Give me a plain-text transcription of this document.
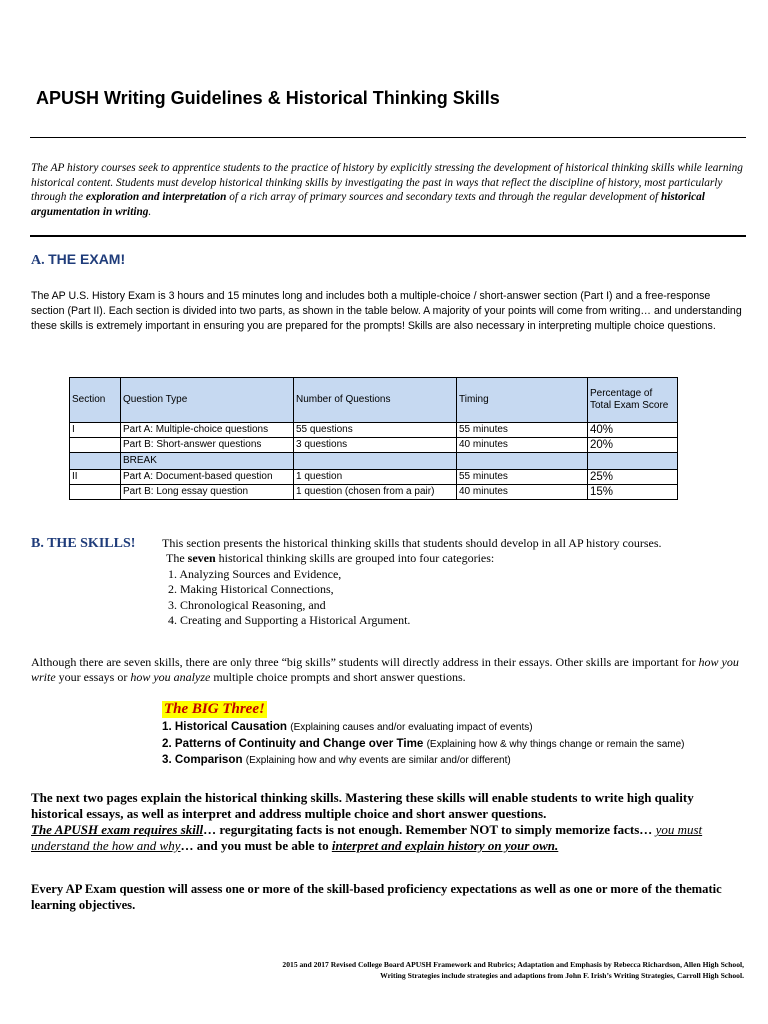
APUSH Writing Guidelines & Historical Thinking Skills
The AP history courses seek to apprentice students to the practice of history by explicitly stressing the development of historical thinking skills while learning historical content. Students must develop historical thinking skills by investigating the past in ways that reflect the discipline of history, most particularly through the exploration and interpretation of a rich array of primary sources and secondary texts and through the regular development of historical argumentation in writing.
A. THE EXAM!
The AP U.S. History Exam is 3 hours and 15 minutes long and includes both a multiple-choice / short-answer section (Part I) and a free-response section (Part II). Each section is divided into two parts, as shown in the table below. A majority of your points will come from writing… and understanding these skills is extremely important in ensuring you are prepared for the prompts! Skills are also necessary in interpreting multiple choice questions.
Section	Question Type	Number of Questions	Timing	Percentage of Total Exam Score
I	Part A: Multiple-choice questions	55 questions	55 minutes	40%
	Part B: Short-answer questions	3 questions	40 minutes	20%
	BREAK			
II	Part A: Document-based question	1 question	55 minutes	25%
	Part B: Long essay question	1 question (chosen from a pair)	40 minutes	15%
B. THE SKILLS! This section presents the historical thinking skills that students should develop in all AP history courses.
The seven historical thinking skills are grouped into four categories:
1. Analyzing Sources and Evidence,
2. Making Historical Connections,
3. Chronological Reasoning, and
4. Creating and Supporting a Historical Argument.
Although there are seven skills, there are only three “big skills” students will directly address in their essays. Other skills are important for how you write your essays or how you analyze multiple choice prompts and short answer questions.
The BIG Three!
1. Historical Causation (Explaining causes and/or evaluating impact of events)
2. Patterns of Continuity and Change over Time (Explaining how & why things change or remain the same)
3. Comparison (Explaining how and why events are similar and/or different)
The next two pages explain the historical thinking skills. Mastering these skills will enable students to write high quality historical essays, as well as interpret and address multiple choice and short answer questions.
The APUSH exam requires skill… regurgitating facts is not enough. Remember NOT to simply memorize facts… you must understand the how and why… and you must be able to interpret and explain history on your own.
Every AP Exam question will assess one or more of the skill-based proficiency expectations as well as one or more of the thematic learning objectives.
2015 and 2017 Revised College Board APUSH Framework and Rubrics; Adaptation and Emphasis by Rebecca Richardson, Allen High School,
Writing Strategies include strategies and adaptions from John F. Irish’s Writing Strategies, Carroll High School.
